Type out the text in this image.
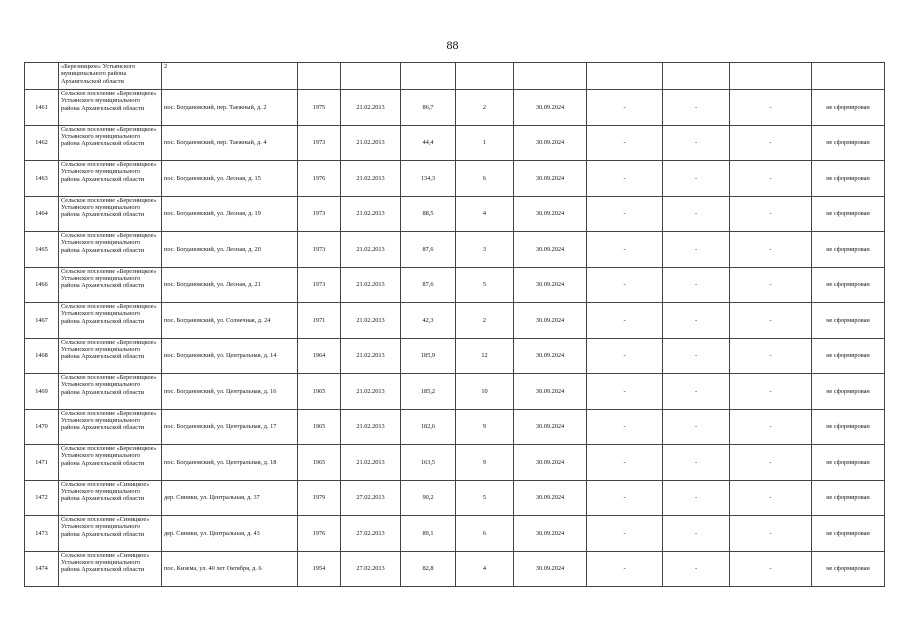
88
	«Березницкое» Устьянского муниципального района Архангельской области	2									
1461	Сельское поселение «Березницкое» Устьянского муниципального района Архангельской области	пос. Богдановский, пер. Таежный, д. 2	1975	21.02.2013	86,7	2	30.09.2024	-	-	-	не сформирован
1462	Сельское поселение «Березницкое» Устьянского муниципального района Архангельской области	пос. Богдановский, пер. Таежный, д. 4	1973	21.02.2013	44,4	1	30.09.2024	-	-	-	не сформирован
1463	Сельское поселение «Березницкое» Устьянского муниципального района Архангельской области	пос. Богдановский, ул. Лесная, д. 15	1976	21.02.2013	134,3	6	30.09.2024	-	-	-	не сформирован
1464	Сельское поселение «Березницкое» Устьянского муниципального района Архангельской области	пос. Богдановский, ул. Лесная, д. 19	1973	21.02.2013	88,5	4	30.09.2024	-	-	-	не сформирован
1465	Сельское поселение «Березницкое» Устьянского муниципального района Архангельской области	пос. Богдановский, ул. Лесная, д. 20	1973	21.02.2013	87,6	3	30.09.2024	-	-	-	не сформирован
1466	Сельское поселение «Березницкое» Устьянского муниципального района Архангельской области	пос. Богдановский, ул. Лесная, д. 21	1973	21.02.2013	87,6	5	30.09.2024	-	-	-	не сформирован
1467	Сельское поселение «Березницкое» Устьянского муниципального района Архангельской области	пос. Богдановский, ул. Солнечная, д. 24	1971	21.02.2013	42,3	2	30.09.2024	-	-	-	не сформирован
1468	Сельское поселение «Березницкое» Устьянского муниципального района Архангельской области	пос. Богдановский, ул. Центральная, д. 14	1964	21.02.2013	185,9	12	30.09.2024	-	-	-	не сформирован
1469	Сельское поселение «Березницкое» Устьянского муниципального района Архангельской области	пос. Богдановский, ул. Центральная, д. 16	1965	21.02.2013	185,2	10	30.09.2024	-	-	-	не сформирован
1470	Сельское поселение «Березницкое» Устьянского муниципального района Архангельской области	пос. Богдановский, ул. Центральная, д. 17	1965	21.02.2013	182,6	9	30.09.2024	-	-	-	не сформирован
1471	Сельское поселение «Березницкое» Устьянского муниципального района Архангельской области	пос. Богдановский, ул. Центральная, д. 18	1965	21.02.2013	163,5	9	30.09.2024	-	-	-	не сформирован
1472	Сельское поселение «Синицкое» Устьянского муниципального района Архангельской области	дер. Синики, ул. Центральная, д. 37	1979	27.02.2013	90,2	5	30.09.2024	-	-	-	не сформирован
1473	Сельское поселение «Синицкое» Устьянского муниципального района Архангельской области	дер. Синики, ул. Центральная, д. 43	1976	27.02.2013	89,1	6	30.09.2024	-	-	-	не сформирован
1474	Сельское поселение «Синицкое» Устьянского муниципального района Архангельской области	пос. Кизема, ул. 40 лет Октября, д. 6	1954	27.02.2013	82,8	4	30.09.2024	-	-	-	не сформирован
